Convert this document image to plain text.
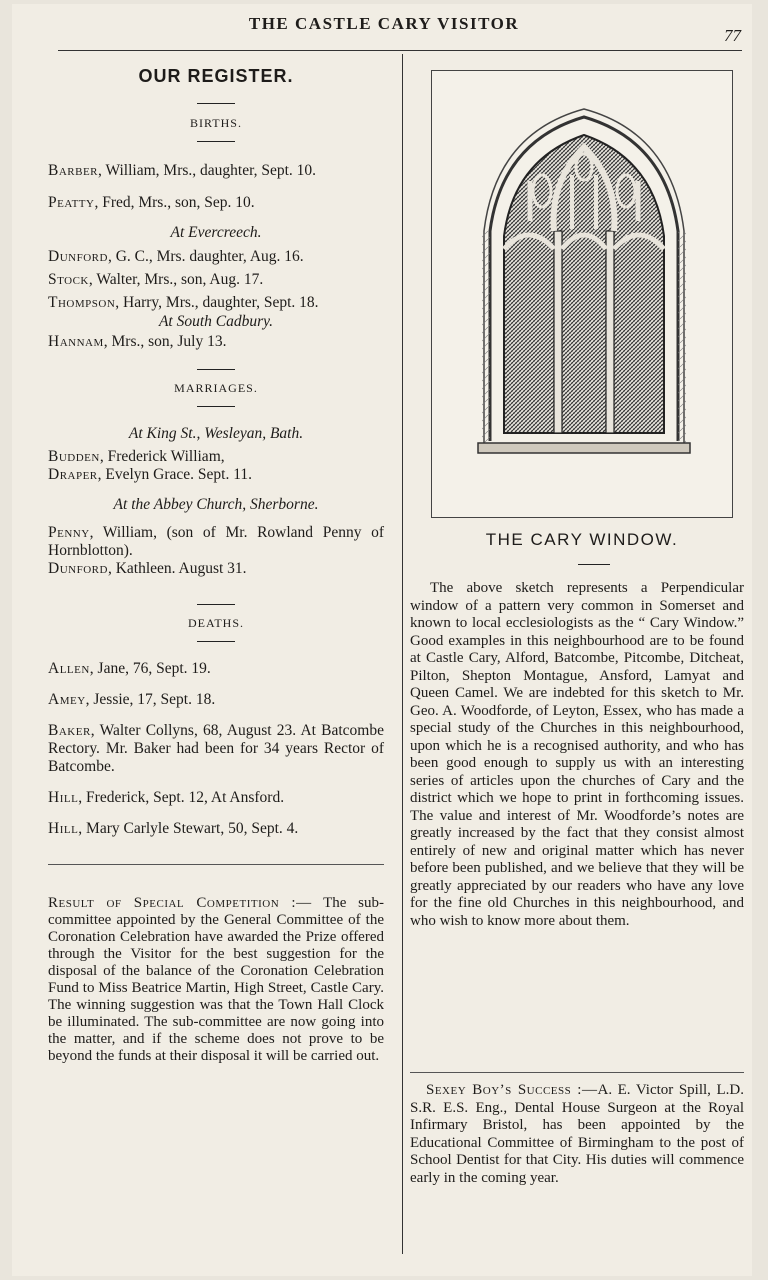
THE CASTLE CARY VISITOR
77
OUR REGISTER.
BIRTHS.
Barber, William, Mrs., daughter, Sept. 10.
Peatty, Fred, Mrs., son, Sep. 10.
At Evercreech.
Dunford, G. C., Mrs. daughter, Aug. 16.
Stock, Walter, Mrs., son, Aug. 17.
Thompson, Harry, Mrs., daughter, Sept. 18.
At South Cadbury.
Hannam, Mrs., son, July 13.
MARRIAGES.
At King St., Wesleyan, Bath.
Budden, Frederick William,
Draper, Evelyn Grace. Sept. 11.
At the Abbey Church, Sherborne.
Penny, William, (son of Mr. Rowland Penny of Hornblotton).
Dunford, Kathleen. August 31.
DEATHS.
Allen, Jane, 76, Sept. 19.
Amey, Jessie, 17, Sept. 18.
Baker, Walter Collyns, 68, August 23. At Batcombe Rectory. Mr. Baker had been for 34 years Rector of Batcombe.
Hill, Frederick, Sept. 12, At Ansford.
Hill, Mary Carlyle Stewart, 50, Sept. 4.
Result of Special Competition :— The sub-committee appointed by the General Committee of the Coronation Celebration have awarded the Prize offered through the Visitor for the best suggestion for the disposal of the balance of the Coronation Celebration Fund to Miss Beatrice Martin, High Street, Castle Cary. The winning suggestion was that the Town Hall Clock be illuminated. The sub-committee are now going into the matter, and if the scheme does not prove to be beyond the funds at their disposal it will be carried out.
THE CARY WINDOW.

The above sketch represents a Perpendicular window of a pattern very common in Somerset and known to local ecclesiologists as the “ Cary Window.” Good examples in this neighbourhood are to be found at Castle Cary, Alford, Batcombe, Pitcombe, Ditcheat, Pilton, Shepton Montague, Ansford, Lamyat and Queen Camel. We are indebted for this sketch to Mr. Geo. A. Woodforde, of Leyton, Essex, who has made a special study of the Churches in this neighbourhood, upon which he is a recognised authority, and who has been good enough to supply us with an interesting series of articles upon the churches of Cary and the district which we hope to print in forthcoming issues. The value and interest of Mr. Woodforde’s notes are greatly increased by the fact that they consist almost entirely of new and original matter which has never before been published, and we believe that they will be greatly appreciated by our readers who have any love for the fine old Churches in this neighbourhood, and who wish to know more about them.

Sexey Boy’s Success :—A. E. Victor Spill, L.D. S.R. E.S. Eng., Dental House Surgeon at the Royal Infirmary Bristol, has been appointed by the Educational Committee of Birmingham to the post of School Dentist for that City. His duties will commence early in the coming year.
